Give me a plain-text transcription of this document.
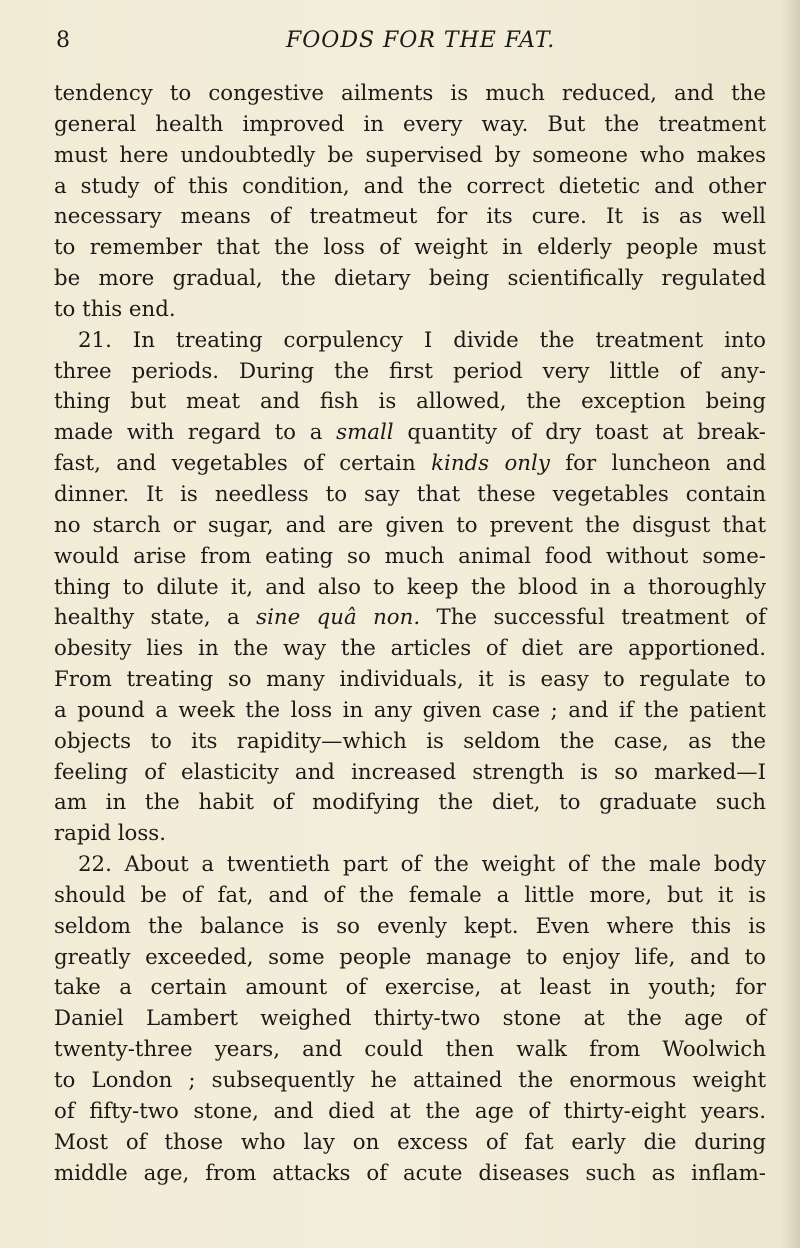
8	FOODS FOR THE FAT.

tendency to congestive ailments is much reduced, and the

general health improved in every way. But the treatment

must here undoubtedly be supervised by someone who makes

a study of this condition, and the correct dietetic and other

necessary means of treatmeut for its cure. It is as well

to remember that the loss of weight in elderly people must

be more gradual, the dietary being scientifically regulated

to this end.

21. In treating corpulency I divide the treatment into

three periods. During the first period very little of any-

thing but meat and fish is allowed, the exception being

made with regard to a small quantity of dry toast at break-

fast, and vegetables of certain kinds only for luncheon and

dinner. It is needless to say that these vegetables contain

no starch or sugar, and are given to prevent the disgust that

would arise from eating so much animal food without some-

thing to dilute it, and also to keep the blood in a thoroughly

healthy state, a sine quâ non. The successful treatment of

obesity lies in the way the articles of diet are apportioned.

From treating so many individuals, it is easy to regulate to

a pound a week the loss in any given case ; and if the patient

objects to its rapidity—which is seldom the case, as the

feeling of elasticity and increased strength is so marked—I

am in the habit of modifying the diet, to graduate such

rapid loss.

22. About a twentieth part of the weight of the male body

should be of fat, and of the female a little more, but it is

seldom the balance is so evenly kept. Even where this is

greatly exceeded, some people manage to enjoy life, and to

take a certain amount of exercise, at least in youth; for

Daniel Lambert weighed thirty-two stone at the age of

twenty-three years, and could then walk from Woolwich

to London ; subsequently he attained the enormous weight

of fifty-two stone, and died at the age of thirty-eight years.

Most of those who lay on excess of fat early die during

middle age, from attacks of acute diseases such as inflam-
